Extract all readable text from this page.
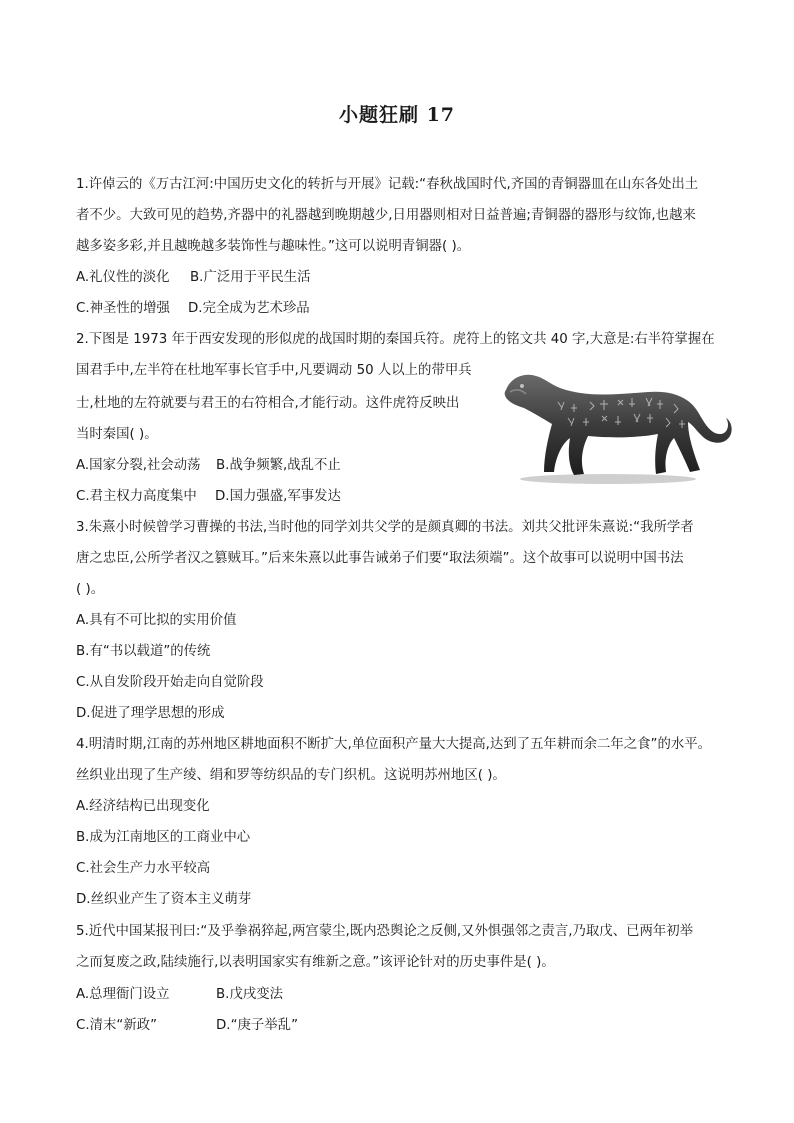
小题狂刷 17
1.许倬云的《万古江河:中国历史文化的转折与开展》记载:“春秋战国时代,齐国的青铜器皿在山东各处出土
者不少。大致可见的趋势,齐器中的礼器越到晚期越少,日用器则相对日益普遍;青铜器的器形与纹饰,也越来
越多姿多彩,并且越晚越多装饰性与趣味性。”这可以说明青铜器( )。
A.礼仪性的淡化 B.广泛用于平民生活
C.神圣性的增强 D.完全成为艺术珍品
2.下图是 1973 年于西安发现的形似虎的战国时期的秦国兵符。虎符上的铭文共 40 字,大意是:右半符掌握在
国君手中,左半符在杜地军事长官手中,凡要调动 50 人以上的带甲兵
士,杜地的左符就要与君王的右符相合,才能行动。这件虎符反映出
当时秦国( )。
A.国家分裂,社会动荡 B.战争频繁,战乱不止
C.君主权力高度集中 D.国力强盛,军事发达
3.朱熹小时候曾学习曹操的书法,当时他的同学刘共父学的是颜真卿的书法。刘共父批评朱熹说:“我所学者
唐之忠臣,公所学者汉之篡贼耳。”后来朱熹以此事告诫弟子们要“取法须端”。这个故事可以说明中国书法
( )。
A.具有不可比拟的实用价值
B.有“书以载道”的传统
C.从自发阶段开始走向自觉阶段
D.促进了理学思想的形成
4.明清时期,江南的苏州地区耕地面积不断扩大,单位面积产量大大提高,达到了五年耕而余二年之食”的水平。
丝织业出现了生产绫、绢和罗等纺织品的专门织机。这说明苏州地区( )。
A.经济结构已出现变化
B.成为江南地区的工商业中心
C.社会生产力水平较高
D.丝织业产生了资本主义萌芽
5.近代中国某报刊曰:“及乎拳祸猝起,两宫蒙尘,既内恐舆论之反侧,又外惧强邻之责言,乃取戊、已两年初举
之而复废之政,陆续施行,以表明国家实有维新之意。”该评论针对的历史事件是( )。
A.总理衙门设立	B.戊戌变法
C.清末“新政”	D.“庚子举乱”
